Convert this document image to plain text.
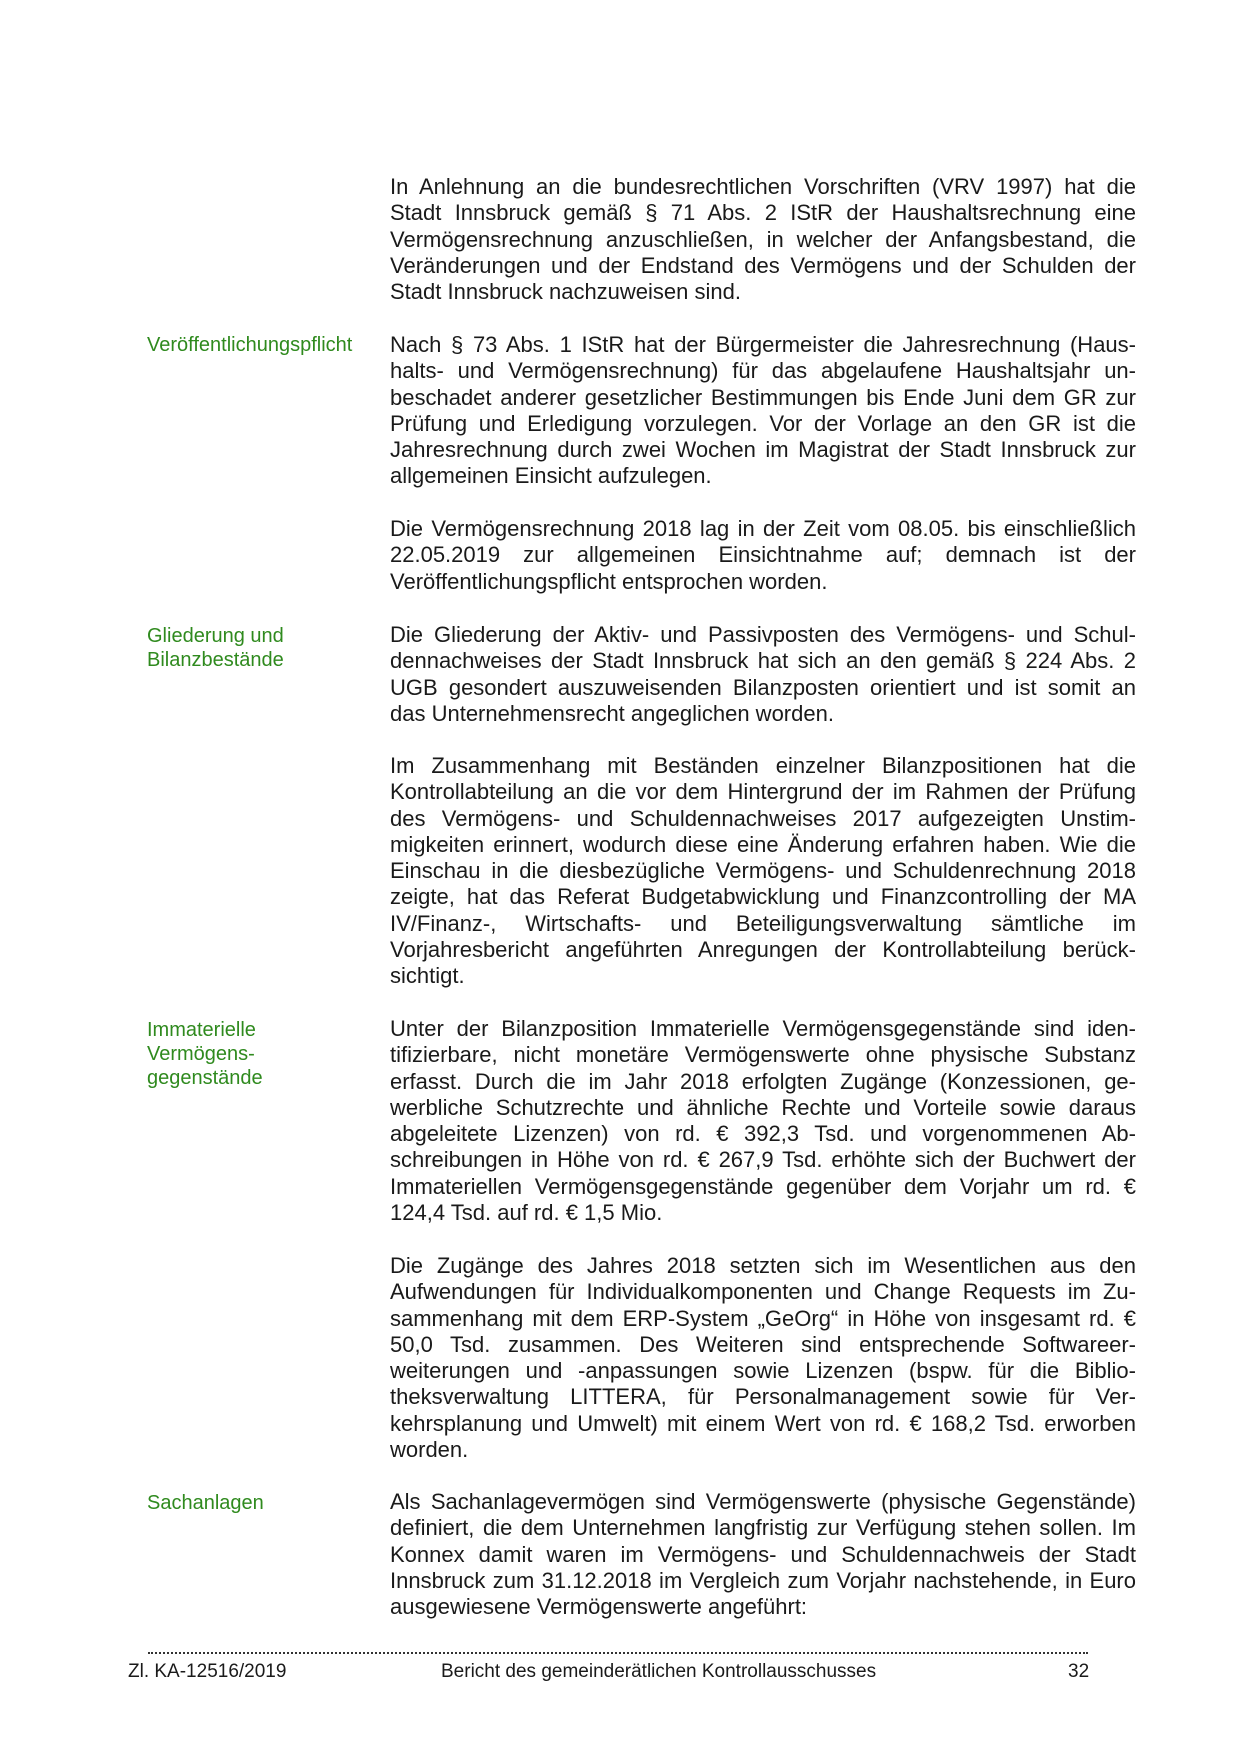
In Anlehnung an die bundesrechtlichen Vorschriften (VRV 1997) hat die Stadt Innsbruck gemäß § 71 Abs. 2 IStR der Haushaltsrechnung eine Vermögensrechnung anzuschließen, in welcher der Anfangsbestand, die Veränderungen und der Endstand des Vermögens und der Schulden der Stadt Innsbruck nachzuweisen sind.
Veröffentlichungspflicht	Nach § 73 Abs. 1 IStR hat der Bürgermeister die Jahresrechnung (Haushalts- und Vermögensrechnung) für das abgelaufene Haushaltsjahr unbeschadet anderer gesetzlicher Bestimmungen bis Ende Juni dem GR zur Prüfung und Erledigung vorzulegen. Vor der Vorlage an den GR ist die Jahresrechnung durch zwei Wochen im Magistrat der Stadt Innsbruck zur allgemeinen Einsicht aufzulegen.
Die Vermögensrechnung 2018 lag in der Zeit vom 08.05. bis einschließlich 22.05.2019 zur allgemeinen Einsichtnahme auf; demnach ist der Veröffentlichungspflicht entsprochen worden.
Gliederung und
Bilanzbestände
Die Gliederung der Aktiv- und Passivposten des Vermögens- und Schuldennachweises der Stadt Innsbruck hat sich an den gemäß § 224 Abs. 2 UGB gesondert auszuweisenden Bilanzposten orientiert und ist somit an das Unternehmensrecht angeglichen worden.
Im Zusammenhang mit Beständen einzelner Bilanzpositionen hat die Kontrollabteilung an die vor dem Hintergrund der im Rahmen der Prüfung des Vermögens- und Schuldennachweises 2017 aufgezeigten Unstimmigkeiten erinnert, wodurch diese eine Änderung erfahren haben. Wie die Einschau in die diesbezügliche Vermögens- und Schuldenrechnung 2018 zeigte, hat das Referat Budgetabwicklung und Finanzcontrolling der MA IV/Finanz-, Wirtschafts- und Beteiligungsverwaltung sämtliche im Vorjahresbericht angeführten Anregungen der Kontrollabteilung berücksichtigt.
Immaterielle
Vermögens-
gegenstände
Unter der Bilanzposition Immaterielle Vermögensgegenstände sind identifizierbare, nicht monetäre Vermögenswerte ohne physische Substanz erfasst. Durch die im Jahr 2018 erfolgten Zugänge (Konzessionen, gewerbliche Schutzrechte und ähnliche Rechte und Vorteile sowie daraus abgeleitete Lizenzen) von rd. € 392,3 Tsd. und vorgenommenen Abschreibungen in Höhe von rd. € 267,9 Tsd. erhöhte sich der Buchwert der Immateriellen Vermögensgegenstände gegenüber dem Vorjahr um rd. € 124,4 Tsd. auf rd. € 1,5 Mio.
Die Zugänge des Jahres 2018 setzten sich im Wesentlichen aus den Aufwendungen für Individualkomponenten und Change Requests im Zusammenhang mit dem ERP-System „GeOrg“ in Höhe von insgesamt rd. € 50,0 Tsd. zusammen. Des Weiteren sind entsprechende Softwareerweiterungen und -anpassungen sowie Lizenzen (bspw. für die Bibliotheksverwaltung LITTERA, für Personalmanagement sowie für Verkehrsplanung und Umwelt) mit einem Wert von rd. € 168,2 Tsd. erworben worden.
Sachanlagen	Als Sachanlagevermögen sind Vermögenswerte (physische Gegenstände) definiert, die dem Unternehmen langfristig zur Verfügung stehen sollen. Im Konnex damit waren im Vermögens- und Schuldennachweis der Stadt Innsbruck zum 31.12.2018 im Vergleich zum Vorjahr nachstehende, in Euro ausgewiesene Vermögenswerte angeführt:
Zl. KA-12516/2019	Bericht des gemeinderätlichen Kontrollausschusses	32
